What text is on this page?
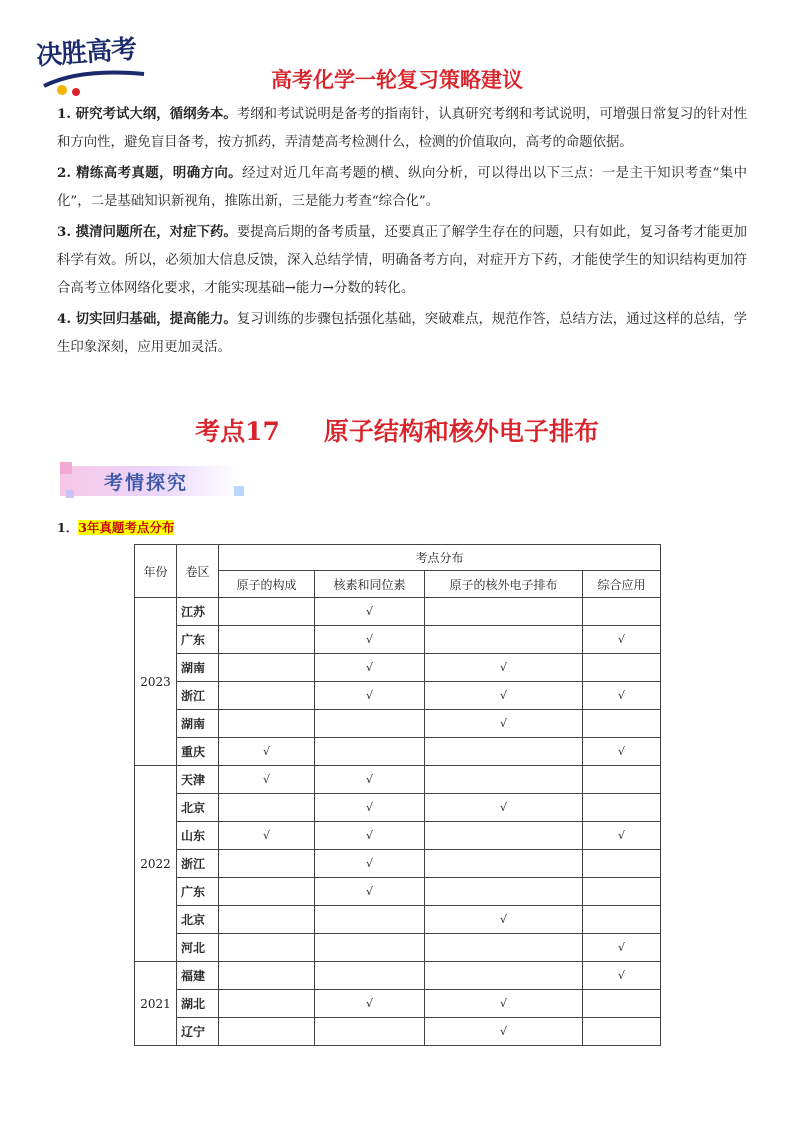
决胜高考
高考化学一轮复习策略建议

1. 研究考试大纲，循纲务本。考纲和考试说明是备考的指南针，认真研究考纲和考试说明，可增强日常复习的针对性和方向性，避免盲目备考，按方抓药，弄清楚高考检测什么，检测的价值取向，高考的命题依据。

2. 精练高考真题，明确方向。经过对近几年高考题的横、纵向分析，可以得出以下三点：一是主干知识考查“集中化”，二是基础知识新视角，推陈出新，三是能力考查“综合化”。

3. 摸清问题所在，对症下药。要提高后期的备考质量，还要真正了解学生存在的问题，只有如此，复习备考才能更加科学有效。所以，必须加大信息反馈，深入总结学情，明确备考方向，对症开方下药，才能使学生的知识结构更加符合高考立体网络化要求，才能实现基础→能力→分数的转化。

4. 切实回归基础，提高能力。复习训练的步骤包括强化基础，突破难点，规范作答，总结方法，通过这样的总结，学生印象深刻，应用更加灵活。

考点17 原子结构和核外电子排布
考情探究
1．3年真题考点分布
年份	卷区	考点分布			
		原子的构成	核素和同位素	原子的核外电子排布	综合应用
2023	江苏		√		
	广东		√		√
	湖南		√	√	
	浙江		√	√	√
	湖南			√	
	重庆	√			√
2022	天津	√	√		
	北京		√	√	
	山东	√	√		√
	浙江		√		
	广东		√		
	北京			√	
	河北				√
2021	福建				√
	湖北		√	√	
	辽宁			√	
